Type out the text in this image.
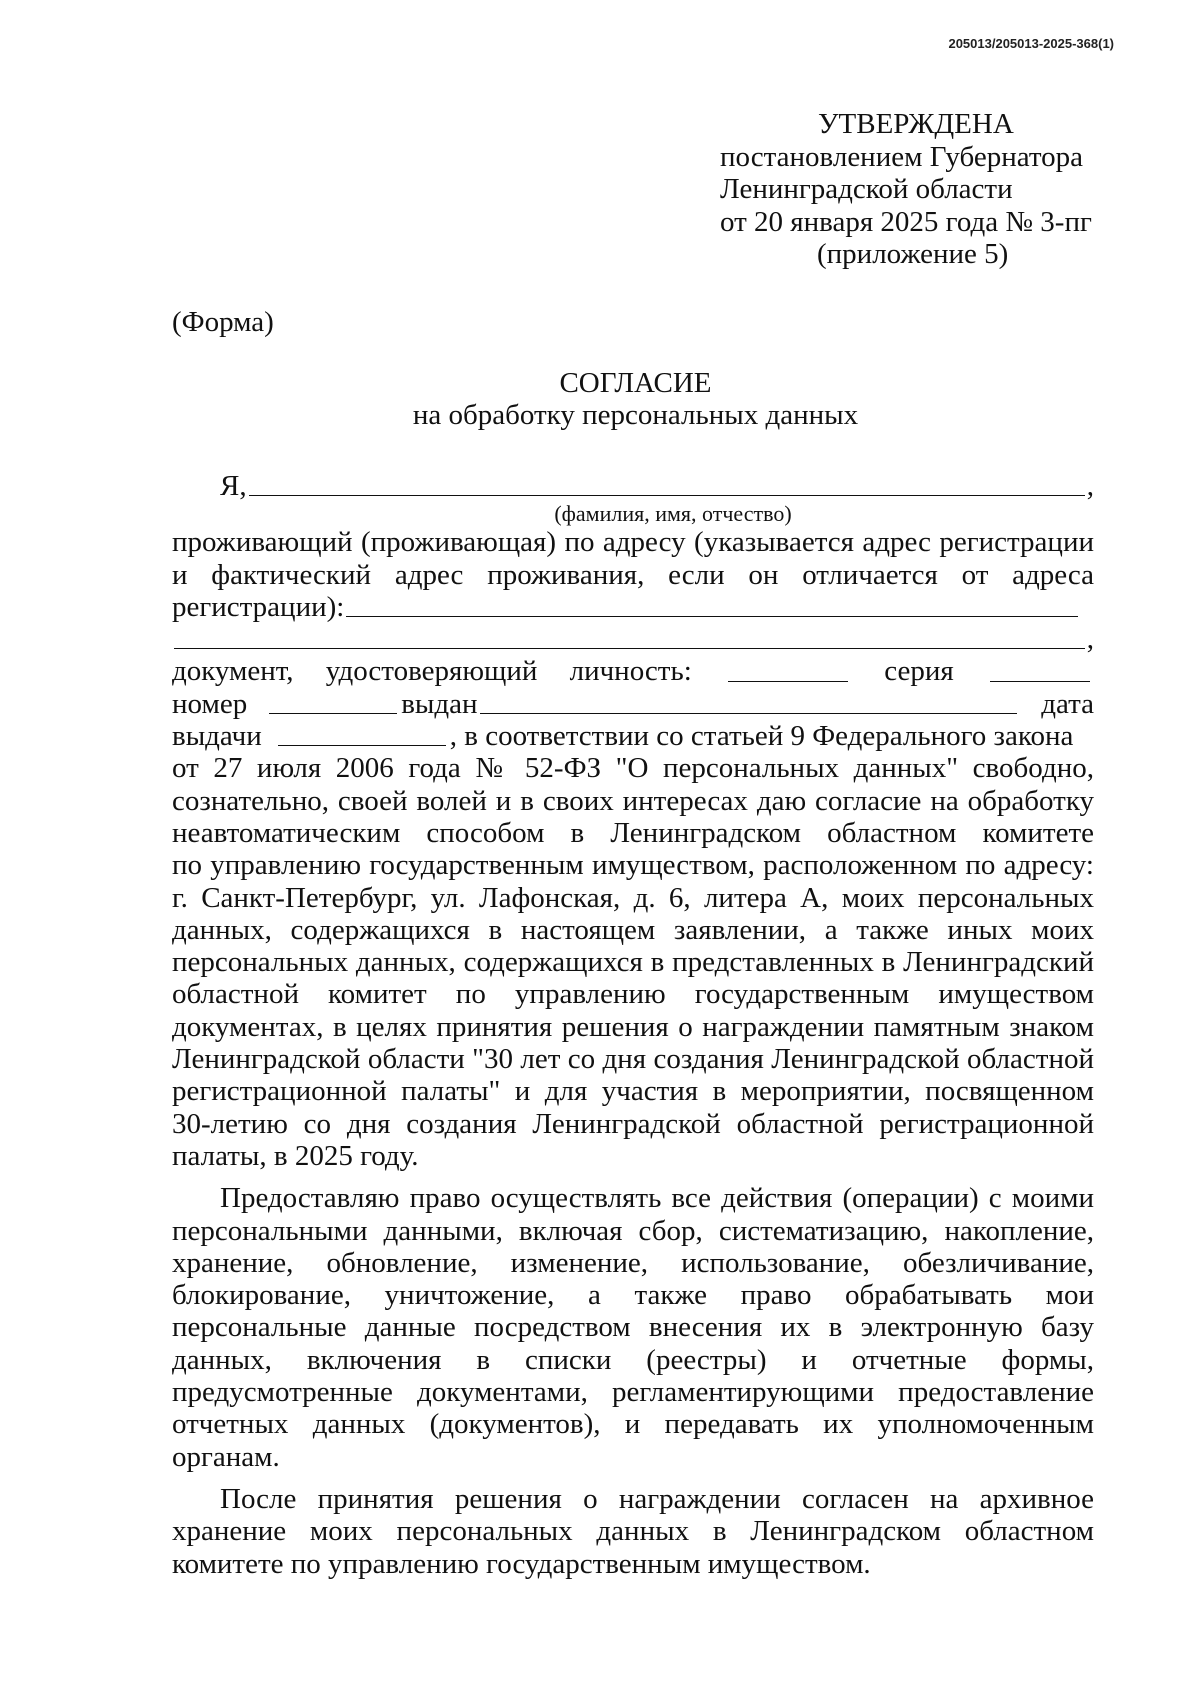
205013/205013-2025-368(1)
УТВЕРЖДЕНА
постановлением Губернатора
Ленинградской области
от 20 января 2025 года № 3-пг
(приложение 5)
(Форма)
СОГЛАСИЕ
на обработку персональных данных
Я,	,
(фамилия, имя, отчество)
проживающий (проживающая) по адресу (указывается адрес регистрации
и фактический адрес проживания, если он отличается от адреса
регистрации):
,
документ, удостоверяющий личность:	серия
номер	выдан	дата
выдачи	, в соответствии со статьей 9 Федерального закона
от 27 июля 2006 года № 52-ФЗ "О персональных данных" свободно,
сознательно, своей волей и в своих интересах даю согласие на обработку
неавтоматическим способом в Ленинградском областном комитете
по управлению государственным имуществом, расположенном по адресу:
г. Санкт-Петербург, ул. Лафонская, д. 6, литера А, моих персональных
данных, содержащихся в настоящем заявлении, а также иных моих
персональных данных, содержащихся в представленных в Ленинградский
областной комитет по управлению государственным имуществом
документах, в целях принятия решения о награждении памятным знаком
Ленинградской области "30 лет со дня создания Ленинградской областной
регистрационной палаты" и для участия в мероприятии, посвященном
30-летию со дня создания Ленинградской областной регистрационной
палаты, в 2025 году.
Предоставляю право осуществлять все действия (операции) с моими
персональными данными, включая сбор, систематизацию, накопление,
хранение, обновление, изменение, использование, обезличивание,
блокирование, уничтожение, а также право обрабатывать мои
персональные данные посредством внесения их в электронную базу
данных, включения в списки (реестры) и отчетные формы,
предусмотренные документами, регламентирующими предоставление
отчетных данных (документов), и передавать их уполномоченным
органам.
После принятия решения о награждении согласен на архивное
хранение моих персональных данных в Ленинградском областном
комитете по управлению государственным имуществом.
